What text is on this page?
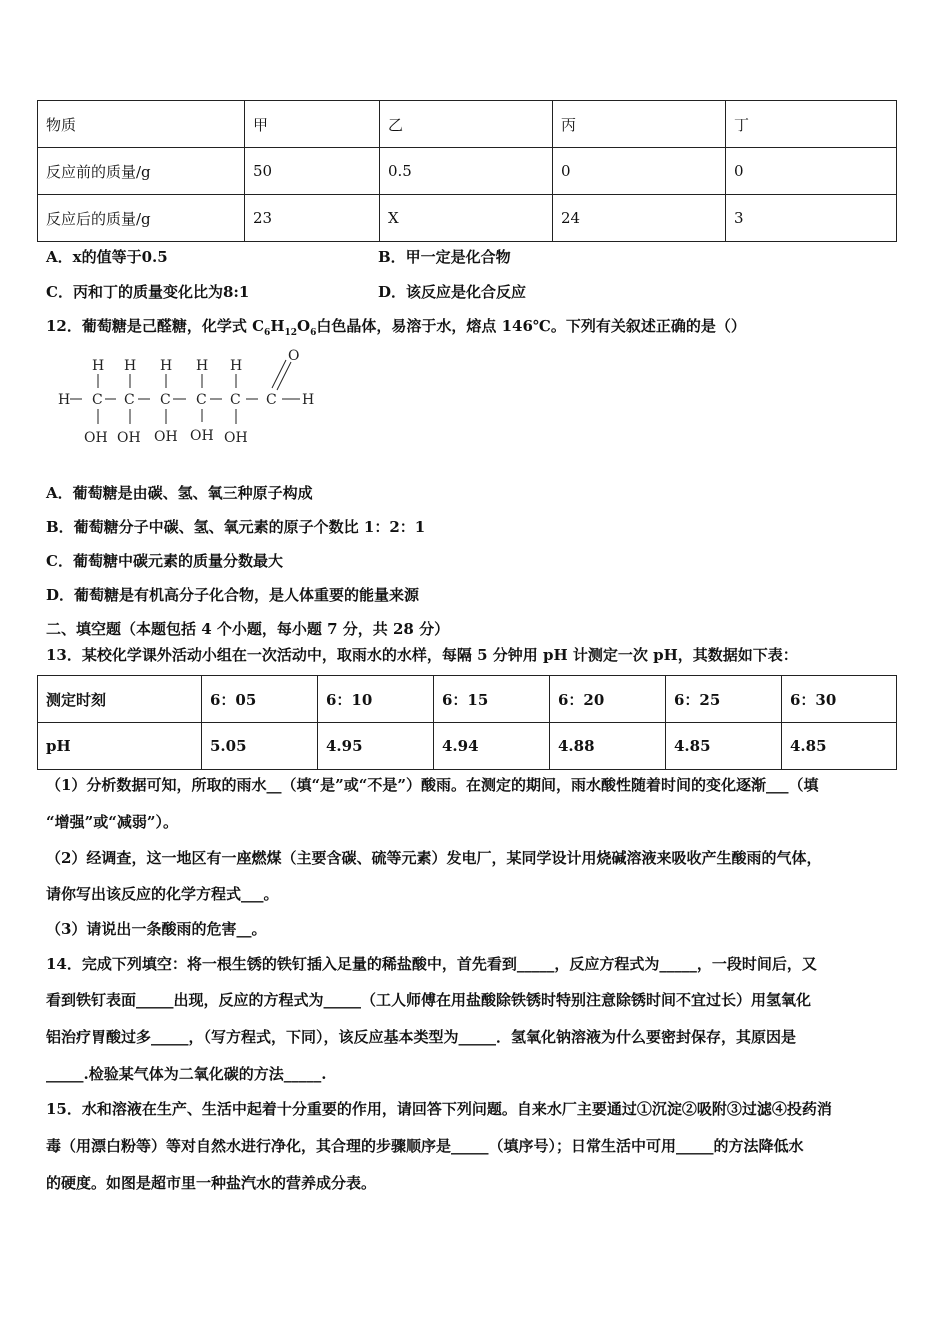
物质	甲	乙	丙	丁
反应前的质量/g	50	0.5	0	0
反应后的质量/g	23	X	24	3
A．x的值等于0.5	B．甲一定是化合物
C．丙和丁的质量变化比为8:1	D．该反应是化合反应
12．葡萄糖是己醛糖，化学式 $C_6H_{12}O_6$白色晶体，易溶于水，熔点 146℃。下列有关叙述正确的是（）
H
H H H H H
H
C C C C C C
O
OH OH OH OH OH
A．葡萄糖是由碳、氢、氧三种原子构成
B．葡萄糖分子中碳、氢、氧元素的原子个数比 1：2：1
C．葡萄糖中碳元素的质量分数最大
D．葡萄糖是有机高分子化合物，是人体重要的能量来源
二、填空题（本题包括 4 个小题，每小题 7 分，共 28 分）
13．某校化学课外活动小组在一次活动中，取雨水的水样，每隔 5 分钟用 pH 计测定一次 pH，其数据如下表：
测定时刻	6：05	6：10	6：15	6：20	6：25	6：30
pH	5.05	4.95	4.94	4.88	4.85	4.85
（1）分析数据可知，所取的雨水__（填“是”或“不是”）酸雨。在测定的期间，雨水酸性随着时间的变化逐渐___（填
“增强”或“减弱”）。
（2）经调查，这一地区有一座燃煤（主要含碳、硫等元素）发电厂，某同学设计用烧碱溶液来吸收产生酸雨的气体，
请你写出该反应的化学方程式___。
（3）请说出一条酸雨的危害__。
14．完成下列填空：将一根生锈的铁钉插入足量的稀盐酸中，首先看到_____，反应方程式为_____，一段时间后，又
看到铁钉表面_____出现，反应的方程式为_____（工人师傅在用盐酸除铁锈时特别注意除锈时间不宜过长）用氢氧化
铝治疗胃酸过多_____，（写方程式，下同），该反应基本类型为_____．氢氧化钠溶液为什么要密封保存，其原因是
_____.检验某气体为二氧化碳的方法_____.
15．水和溶液在生产、生活中起着十分重要的作用，请回答下列问题。自来水厂主要通过①沉淀②吸附③过滤④投药消
毒（用漂白粉等）等对自然水进行净化，其合理的步骤顺序是_____（填序号）；日常生活中可用_____的方法降低水
的硬度。如图是超市里一种盐汽水的营养成分表。
